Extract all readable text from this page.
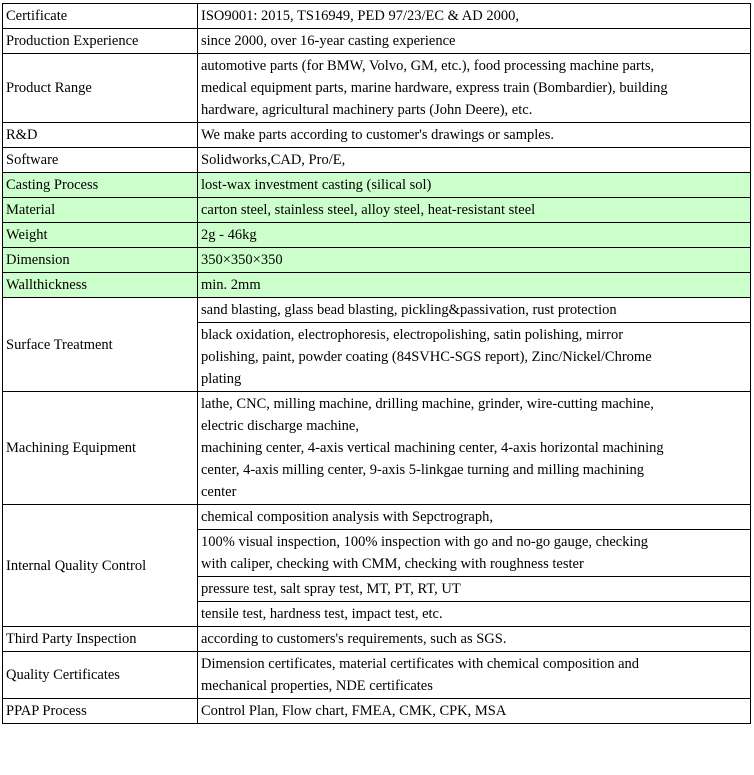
Certificate	ISO9001: 2015, TS16949, PED 97/23/EC & AD 2000,

Production Experience	since 2000, over 16-year casting experience

Product Range	automotive parts (for BMW, Volvo, GM, etc.), food processing machine parts,
medical equipment parts, marine hardware, express train (Bombardier), building
hardware, agricultural machinery parts (John Deere), etc.

R&D	We make parts according to customer's drawings or samples.

Software	Solidworks,CAD, Pro/E,

Casting Process	lost-wax investment casting (silical sol)

Material	carton steel, stainless steel, alloy steel, heat-resistant steel

Weight	2g - 46kg

Dimension	350×350×350

Wallthickness	min. 2mm

Surface Treatment	sand blasting, glass bead blasting, pickling&passivation, rust protection

	black oxidation, electrophoresis, electropolishing, satin polishing, mirror
polishing, paint, powder coating (84SVHC-SGS report), Zinc/Nickel/Chrome
plating

Machining Equipment	lathe, CNC, milling machine, drilling machine, grinder, wire-cutting machine,
electric discharge machine,
machining center, 4-axis vertical machining center, 4-axis horizontal machining
center, 4-axis milling center, 9-axis 5-linkgae turning and milling machining
center

Internal Quality Control	chemical composition analysis with Sepctrograph,

	100% visual inspection, 100% inspection with go and no-go gauge, checking
with caliper, checking with CMM, checking with roughness tester

	pressure test, salt spray test, MT, PT, RT, UT

	tensile test, hardness test, impact test, etc.

Third Party Inspection	according to customers's requirements, such as SGS.

Quality Certificates	Dimension certificates, material certificates with chemical composition and
mechanical properties, NDE certificates

PPAP Process	Control Plan, Flow chart, FMEA, CMK, CPK, MSA
